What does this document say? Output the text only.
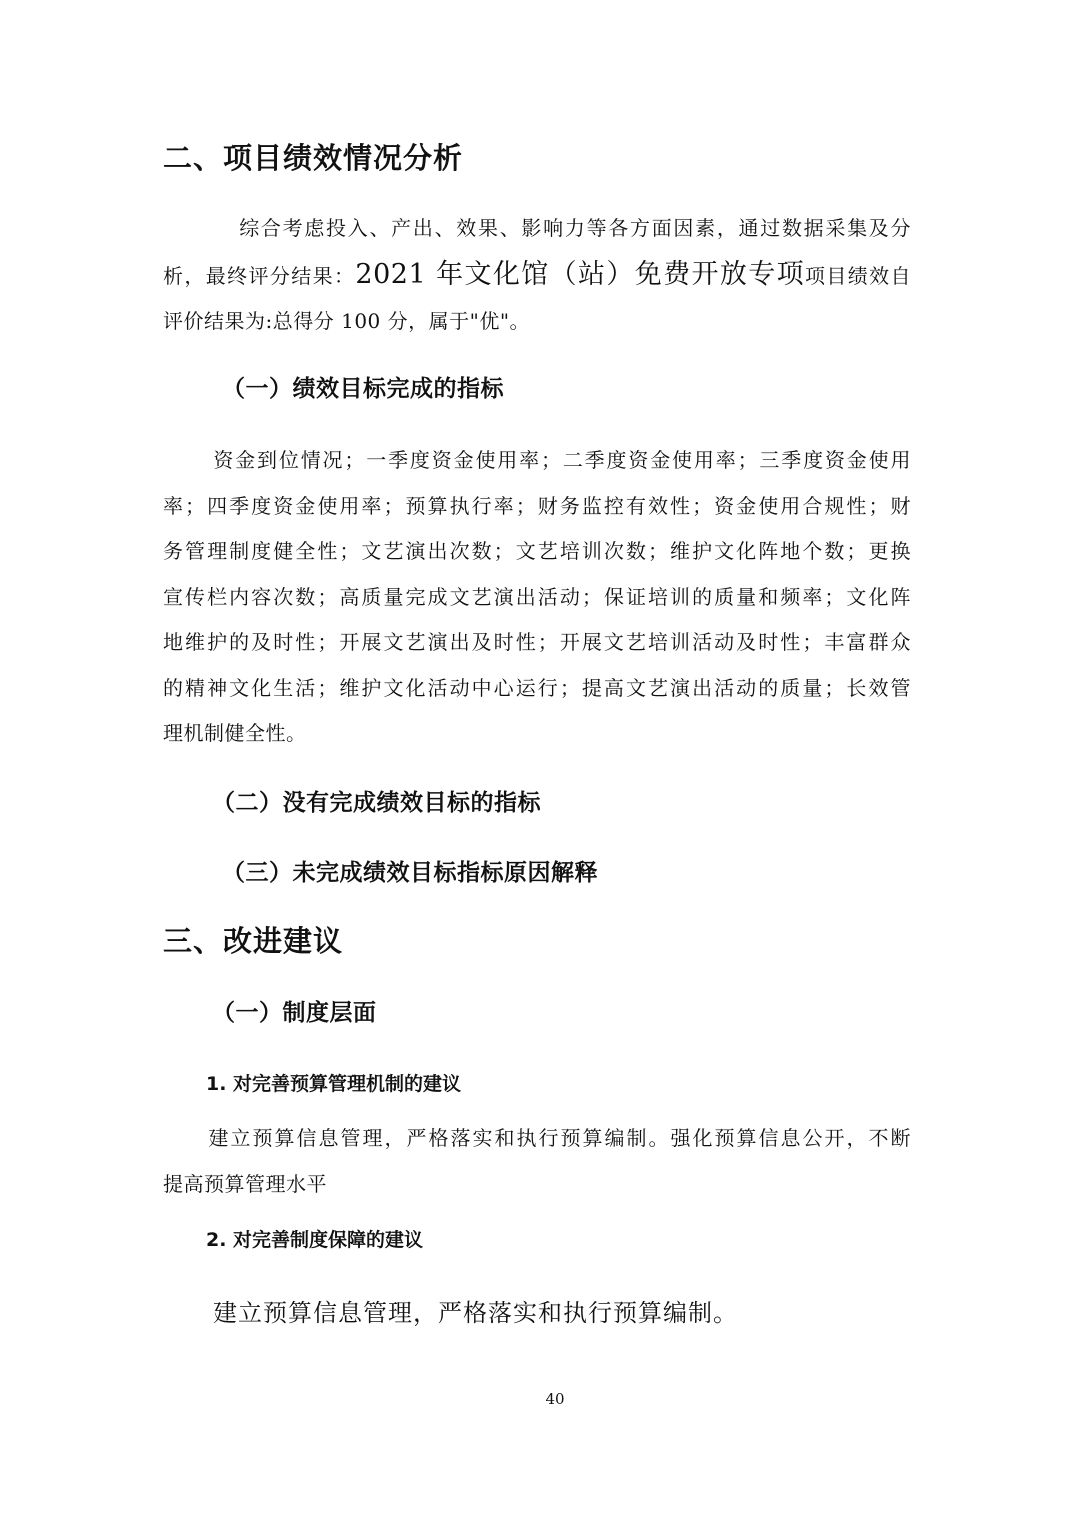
二、项目绩效情况分析
综合考虑投入、产出、效果、影响力等各方面因素，通过数据采集及分
析，最终评分结果：2021 年文化馆（站）免费开放专项项目绩效自
评价结果为:总得分 100 分，属于"优"。
（一）绩效目标完成的指标
资金到位情况；一季度资金使用率；二季度资金使用率；三季度资金使用
率；四季度资金使用率；预算执行率；财务监控有效性；资金使用合规性；财
务管理制度健全性；文艺演出次数；文艺培训次数；维护文化阵地个数；更换
宣传栏内容次数；高质量完成文艺演出活动；保证培训的质量和频率；文化阵
地维护的及时性；开展文艺演出及时性；开展文艺培训活动及时性；丰富群众
的精神文化生活；维护文化活动中心运行；提高文艺演出活动的质量；长效管
理机制健全性。
（二）没有完成绩效目标的指标
（三）未完成绩效目标指标原因解释
三、改进建议
（一）制度层面
1. 对完善预算管理机制的建议
建立预算信息管理，严格落实和执行预算编制。强化预算信息公开，不断
提高预算管理水平
2. 对完善制度保障的建议
建立预算信息管理，严格落实和执行预算编制。
40
